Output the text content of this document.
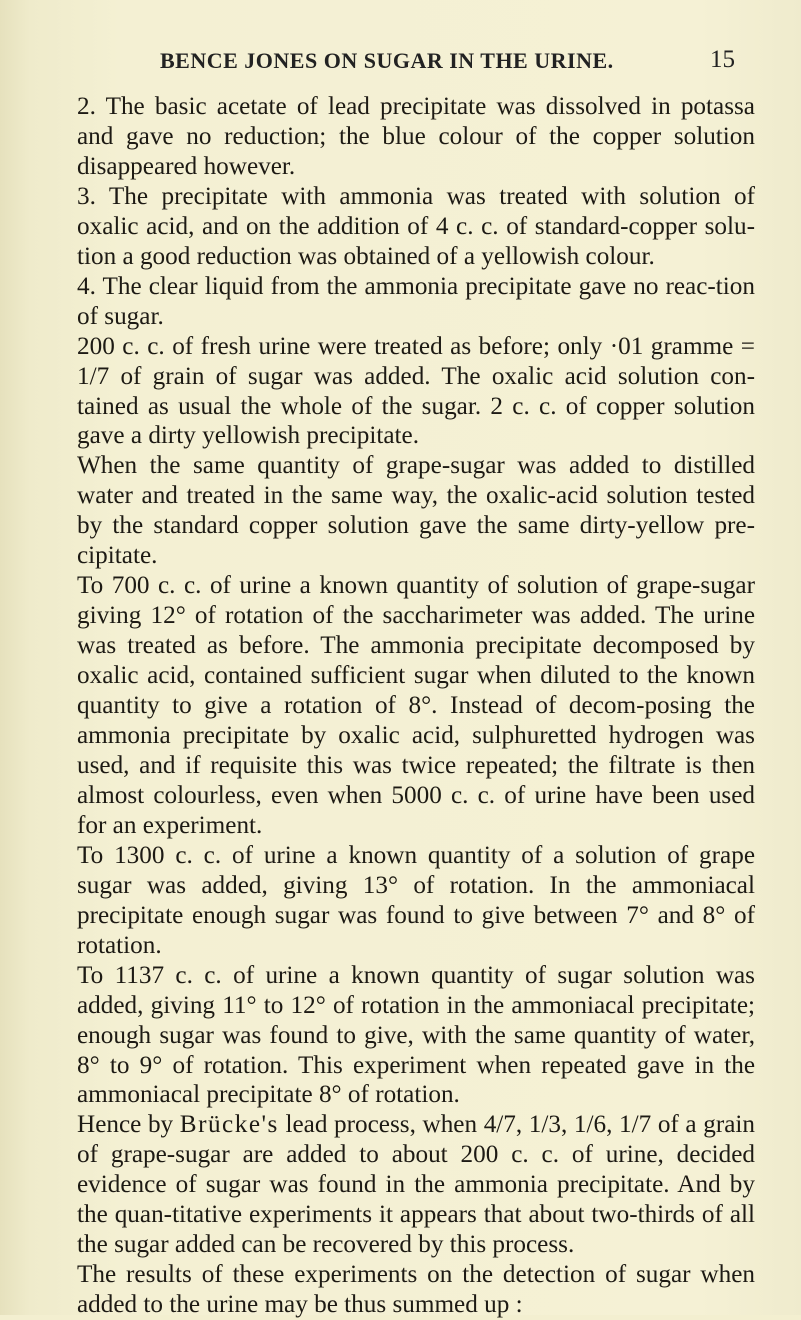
BENCE JONES ON SUGAR IN THE URINE.	15

2. The basic acetate of lead precipitate was dissolved in potassa and gave no reduction; the blue colour of the copper solution disappeared however.

3. The precipitate with ammonia was treated with solution of oxalic acid, and on the addition of 4 c. c. of standard-copper solu-tion a good reduction was obtained of a yellowish colour.

4. The clear liquid from the ammonia precipitate gave no reac-tion of sugar.

200 c. c. of fresh urine were treated as before; only ·01 gramme = 1/7 of grain of sugar was added. The oxalic acid solution con-tained as usual the whole of the sugar. 2 c. c. of copper solution gave a dirty yellowish precipitate.

When the same quantity of grape-sugar was added to distilled water and treated in the same way, the oxalic-acid solution tested by the standard copper solution gave the same dirty-yellow pre-cipitate.

To 700 c. c. of urine a known quantity of solution of grape-sugar giving 12° of rotation of the saccharimeter was added. The urine was treated as before. The ammonia precipitate decomposed by oxalic acid, contained sufficient sugar when diluted to the known quantity to give a rotation of 8°. Instead of decom-posing the ammonia precipitate by oxalic acid, sulphuretted hydrogen was used, and if requisite this was twice repeated; the filtrate is then almost colourless, even when 5000 c. c. of urine have been used for an experiment.

To 1300 c. c. of urine a known quantity of a solution of grape sugar was added, giving 13° of rotation. In the ammoniacal precipitate enough sugar was found to give between 7° and 8° of rotation.

To 1137 c. c. of urine a known quantity of sugar solution was added, giving 11° to 12° of rotation in the ammoniacal precipitate; enough sugar was found to give, with the same quantity of water, 8° to 9° of rotation. This experiment when repeated gave in the ammoniacal precipitate 8° of rotation.

Hence by Brücke's lead process, when 4/7, 1/3, 1/6, 1/7 of a grain of grape-sugar are added to about 200 c. c. of urine, decided evidence of sugar was found in the ammonia precipitate. And by the quan-titative experiments it appears that about two-thirds of all the sugar added can be recovered by this process.

The results of these experiments on the detection of sugar when added to the urine may be thus summed up :
